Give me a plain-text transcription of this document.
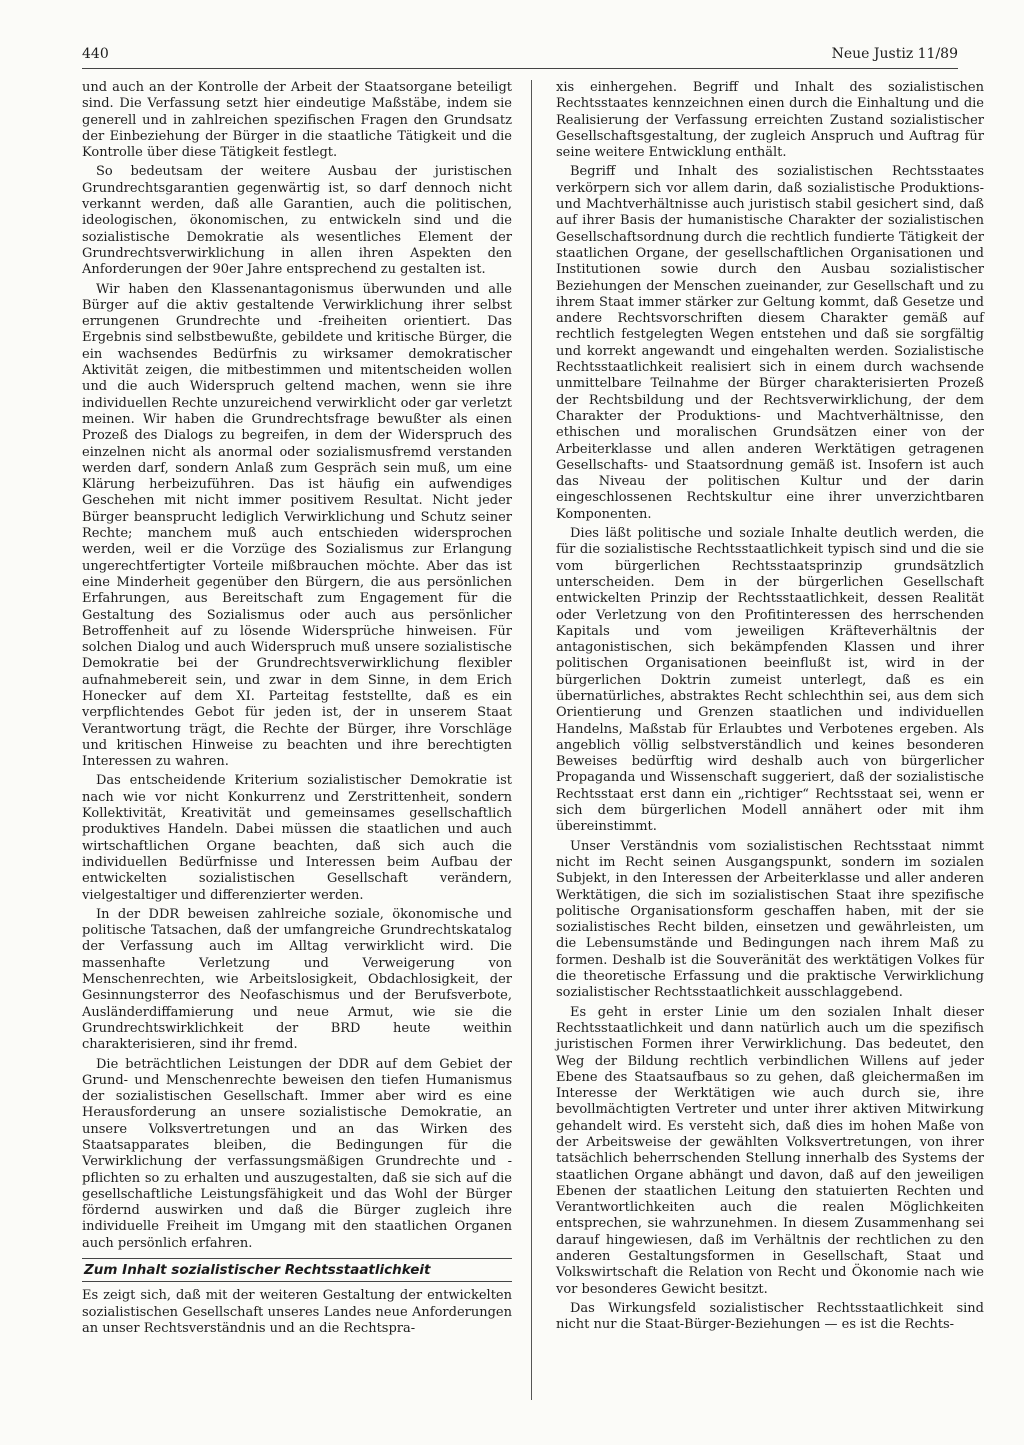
440	Neue Justiz 11/89

und auch an der Kontrolle der Arbeit der Staatsorgane beteiligt sind. Die Verfassung setzt hier eindeutige Maßstäbe, indem sie generell und in zahlreichen spezifischen Fragen den Grundsatz der Einbeziehung der Bürger in die staatliche Tätigkeit und die Kontrolle über diese Tätigkeit festlegt.

So bedeutsam der weitere Ausbau der juristischen Grundrechtsgarantien gegenwärtig ist, so darf dennoch nicht verkannt werden, daß alle Garantien, auch die politischen, ideologischen, ökonomischen, zu entwickeln sind und die sozialistische Demokratie als wesentliches Element der Grundrechtsverwirklichung in allen ihren Aspekten den Anforderungen der 90er Jahre entsprechend zu gestalten ist.

Wir haben den Klassenantagonismus überwunden und alle Bürger auf die aktiv gestaltende Verwirklichung ihrer selbst errungenen Grundrechte und -freiheiten orientiert. Das Ergebnis sind selbstbewußte, gebildete und kritische Bürger, die ein wachsendes Bedürfnis zu wirksamer demokratischer Aktivität zeigen, die mitbestimmen und mitentscheiden wollen und die auch Widerspruch geltend machen, wenn sie ihre individuellen Rechte unzureichend verwirklicht oder gar verletzt meinen. Wir haben die Grundrechtsfrage bewußter als einen Prozeß des Dialogs zu begreifen, in dem der Widerspruch des einzelnen nicht als anormal oder sozialismusfremd verstanden werden darf, sondern Anlaß zum Gespräch sein muß, um eine Klärung herbeizuführen. Das ist häufig ein aufwendiges Geschehen mit nicht immer positivem Resultat. Nicht jeder Bürger beansprucht lediglich Verwirklichung und Schutz seiner Rechte; manchem muß auch entschieden widersprochen werden, weil er die Vorzüge des Sozialismus zur Erlangung ungerechtfertigter Vorteile mißbrauchen möchte. Aber das ist eine Minderheit gegenüber den Bürgern, die aus persönlichen Erfahrungen, aus Bereitschaft zum Engagement für die Gestaltung des Sozialismus oder auch aus persönlicher Betroffenheit auf zu lösende Widersprüche hinweisen. Für solchen Dialog und auch Widerspruch muß unsere sozialistische Demokratie bei der Grundrechtsverwirklichung flexibler aufnahmebereit sein, und zwar in dem Sinne, in dem Erich Honecker auf dem XI. Parteitag feststellte, daß es ein verpflichtendes Gebot für jeden ist, der in unserem Staat Verantwortung trägt, die Rechte der Bürger, ihre Vorschläge und kritischen Hinweise zu beachten und ihre berechtigten Interessen zu wahren.

Das entscheidende Kriterium sozialistischer Demokratie ist nach wie vor nicht Konkurrenz und Zerstrittenheit, sondern Kollektivität, Kreativität und gemeinsames gesellschaftlich produktives Handeln. Dabei müssen die staatlichen und auch wirtschaftlichen Organe beachten, daß sich auch die individuellen Bedürfnisse und Interessen beim Aufbau der entwickelten sozialistischen Gesellschaft verändern, vielgestaltiger und differenzierter werden.

In der DDR beweisen zahlreiche soziale, ökonomische und politische Tatsachen, daß der umfangreiche Grundrechtskatalog der Verfassung auch im Alltag verwirklicht wird. Die massenhafte Verletzung und Verweigerung von Menschenrechten, wie Arbeitslosigkeit, Obdachlosigkeit, der Gesinnungsterror des Neofaschismus und der Berufsverbote, Ausländerdiffamierung und neue Armut, wie sie die Grundrechtswirklichkeit der BRD heute weithin charakterisieren, sind ihr fremd.

Die beträchtlichen Leistungen der DDR auf dem Gebiet der Grund- und Menschenrechte beweisen den tiefen Humanismus der sozialistischen Gesellschaft. Immer aber wird es eine Herausforderung an unsere sozialistische Demokratie, an unsere Volksvertretungen und an das Wirken des Staatsapparates bleiben, die Bedingungen für die Verwirklichung der verfassungsmäßigen Grundrechte und -pflichten so zu erhalten und auszugestalten, daß sie sich auf die gesellschaftliche Leistungsfähigkeit und das Wohl der Bürger fördernd auswirken und daß die Bürger zugleich ihre individuelle Freiheit im Umgang mit den staatlichen Organen auch persönlich erfahren.

Zum Inhalt sozialistischer Rechtsstaatlichkeit

Es zeigt sich, daß mit der weiteren Gestaltung der entwickelten sozialistischen Gesellschaft unseres Landes neue Anforderungen an unser Rechtsverständnis und an die Rechtspra-

xis einhergehen. Begriff und Inhalt des sozialistischen Rechtsstaates kennzeichnen einen durch die Einhaltung und die Realisierung der Verfassung erreichten Zustand sozialistischer Gesellschaftsgestaltung, der zugleich Anspruch und Auftrag für seine weitere Entwicklung enthält.

Begriff und Inhalt des sozialistischen Rechtsstaates verkörpern sich vor allem darin, daß sozialistische Produktions- und Machtverhältnisse auch juristisch stabil gesichert sind, daß auf ihrer Basis der humanistische Charakter der sozialistischen Gesellschaftsordnung durch die rechtlich fundierte Tätigkeit der staatlichen Organe, der gesellschaftlichen Organisationen und Institutionen sowie durch den Ausbau sozialistischer Beziehungen der Menschen zueinander, zur Gesellschaft und zu ihrem Staat immer stärker zur Geltung kommt, daß Gesetze und andere Rechtsvorschriften diesem Charakter gemäß auf rechtlich festgelegten Wegen entstehen und daß sie sorgfältig und korrekt angewandt und eingehalten werden. Sozialistische Rechtsstaatlichkeit realisiert sich in einem durch wachsende unmittelbare Teilnahme der Bürger charakterisierten Prozeß der Rechtsbildung und der Rechtsverwirklichung, der dem Charakter der Produktions- und Machtverhältnisse, den ethischen und moralischen Grundsätzen einer von der Arbeiterklasse und allen anderen Werktätigen getragenen Gesellschafts- und Staatsordnung gemäß ist. Insofern ist auch das Niveau der politischen Kultur und der darin eingeschlossenen Rechtskultur eine ihrer unverzichtbaren Komponenten.

Dies läßt politische und soziale Inhalte deutlich werden, die für die sozialistische Rechtsstaatlichkeit typisch sind und die sie vom bürgerlichen Rechtsstaatsprinzip grundsätzlich unterscheiden. Dem in der bürgerlichen Gesellschaft entwickelten Prinzip der Rechtsstaatlichkeit, dessen Realität oder Verletzung von den Profitinteressen des herrschenden Kapitals und vom jeweiligen Kräfteverhältnis der antagonistischen, sich bekämpfenden Klassen und ihrer politischen Organisationen beeinflußt ist, wird in der bürgerlichen Doktrin zumeist unterlegt, daß es ein übernatürliches, abstraktes Recht schlechthin sei, aus dem sich Orientierung und Grenzen staatlichen und individuellen Handelns, Maßstab für Erlaubtes und Verbotenes ergeben. Als angeblich völlig selbstverständlich und keines besonderen Beweises bedürftig wird deshalb auch von bürgerlicher Propaganda und Wissenschaft suggeriert, daß der sozialistische Rechtsstaat erst dann ein „richtiger“ Rechtsstaat sei, wenn er sich dem bürgerlichen Modell annähert oder mit ihm übereinstimmt.

Unser Verständnis vom sozialistischen Rechtsstaat nimmt nicht im Recht seinen Ausgangspunkt, sondern im sozialen Subjekt, in den Interessen der Arbeiterklasse und aller anderen Werktätigen, die sich im sozialistischen Staat ihre spezifische politische Organisationsform geschaffen haben, mit der sie sozialistisches Recht bilden, einsetzen und gewährleisten, um die Lebensumstände und Bedingungen nach ihrem Maß zu formen. Deshalb ist die Souveränität des werktätigen Volkes für die theoretische Erfassung und die praktische Verwirklichung sozialistischer Rechtsstaatlichkeit ausschlaggebend.

Es geht in erster Linie um den sozialen Inhalt dieser Rechtsstaatlichkeit und dann natürlich auch um die spezifisch juristischen Formen ihrer Verwirklichung. Das bedeutet, den Weg der Bildung rechtlich verbindlichen Willens auf jeder Ebene des Staatsaufbaus so zu gehen, daß gleichermaßen im Interesse der Werktätigen wie auch durch sie, ihre bevollmächtigten Vertreter und unter ihrer aktiven Mitwirkung gehandelt wird. Es versteht sich, daß dies im hohen Maße von der Arbeitsweise der gewählten Volksvertretungen, von ihrer tatsächlich beherrschenden Stellung innerhalb des Systems der staatlichen Organe abhängt und davon, daß auf den jeweiligen Ebenen der staatlichen Leitung den statuierten Rechten und Verantwortlichkeiten auch die realen Möglichkeiten entsprechen, sie wahrzunehmen. In diesem Zusammenhang sei darauf hingewiesen, daß im Verhältnis der rechtlichen zu den anderen Gestaltungsformen in Gesellschaft, Staat und Volkswirtschaft die Relation von Recht und Ökonomie nach wie vor besonderes Gewicht besitzt.

Das Wirkungsfeld sozialistischer Rechtsstaatlichkeit sind nicht nur die Staat-Bürger-Beziehungen — es ist die Rechts-
